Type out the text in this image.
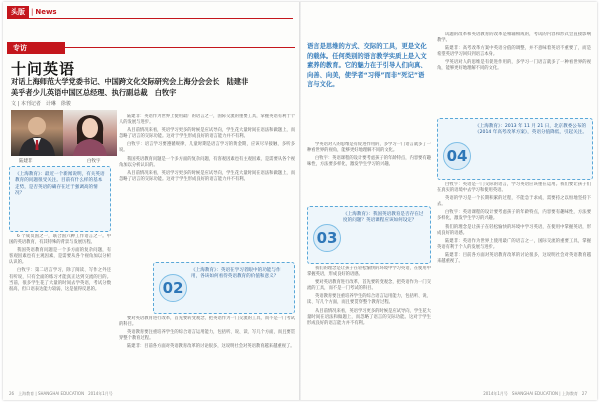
头版 | News
专访
十问英语
对话上海师范大学党委书记、中国跨文化交际研究会上海分会会长　陆建非
美乎者少儿英语中国区总经理、执行副总裁　白牧宇
文 | 本刊记者　计琳　徐骏
陆建非	白牧宇
《上海教育》：最近一个新闻说明，有关英语教育的问题很受关注。目前有什么样的基本走势，是否英语的确存在过于强调高的情况？

6 个成员国之一，联合国六种工作语言之一。中国的英语教育，有其特殊的背景与发展历程。

我国英语教育问题是一个多方面的复杂问题，有客观因素也有主观因素，是需要从各个视角加以分析认识的。

白牧宇：第二语言学习，除了阅读、写作之外还有听说，只有全面的练习才能真正达到交流的目的。当前，很多学生花了大量的时间去学英语，考试分数很高，但口语表达能力较弱，这是值得反思的。

陆建非：英语作为世界上使用最广的语言之一，国际交流的重要工具，掌握英语有利于个人的发展与进步。

从目前情况来看，英语学习更多的时候是应试导向，学生花大量时间在语法和做题上，而忽略了语言的交际功能。这对于学生形成良好的语言能力并不有利。

白牧宇：语言学习要遵循规律，儿童时期是语言学习的黄金期，应该尽早接触、多听多说。

我国英语教育问题是一个多方面的复杂问题，有客观因素也有主观因素，是需要从各个视角加以分析认识的。

从目前情况来看，英语学习更多的时候是应试导向，学生花大量时间在语法和做题上，而忽略了语言的交际功能。这对于学生形成良好的语言能力并不有利。

02
《上海教育》：英语在学习者眼中的功能与作用，各该如何看待英语教育的价值和意义？

要对英语教育进行改革，首先要转变观念，把英语作为一门交流的工具，而不是一门考试的科目。

英语教育要注重培养学生的综合语言运用能力，包括听、说、读、写几个方面，而且要贯穿整个教育过程。

陆建非：目前各方面对英语教育改革的讨论很多，这说明社会对英语教育越来越重视了。

语言是思维的方式、交际的工具，更是文化的载体。任何类别的语言教学实质上是入文素养的教育。它的魅力在于引导人们向真、向善、向美，使学者“习得”而非“死记”语言与文化。

学英语对人的思维是有促进作用的，多学习一门语言就多了一种看世界的视角，能够更好地理解不同的文化。

白牧宇：英语课程的设计要考虑孩子的年龄特点，内容要有趣味性，方法要多样化，激发学生学习的兴趣。

03
《上海教育》：我国英语教育是否存在过度的问题？英语课程应该如何设定？

我们的理念是让孩子在轻松愉快的环境中学习英语，在使用中掌握英语，形成良好的语感。

要对英语教育进行改革，首先要转变观念，把英语作为一门交流的工具，而不是一门考试的科目。

英语教育要注重培养学生的综合语言运用能力，包括听、说、读、写几个方面，而且要贯穿整个教育过程。

从目前情况来看，英语学习更多的时候是应试导向，学生花大量时间在语法和做题上，而忽略了语言的交际功能。这对于学生形成良好的语言能力并不有利。

试题的改革和英语教育的改革是相辅相成的，考试的内容和形式会直接影响教学。

陆建非：高考改革方案中英语分值的调整，并不意味着英语不重要了，而是希望英语学习回归到语言本身。

学英语对人的思维是有促进作用的，多学习一门语言就多了一种看世界的视角，能够更好地理解不同的文化。

04
《上海教育》：2013 年 11 月 21 日，北京教委公布的《2014 年高考改革方案》，英语分值降低，引起关注。

白牧宇：英语是一门交际的语言，学习英语应该重在运用。我们要让孩子们在真实的语境中去学习和使用英语。

英语的学习是一个长期积累的过程，不能急于求成，需要持之以恒地坚持下去。

白牧宇：英语课程的设计要考虑孩子的年龄特点，内容要有趣味性，方法要多样化，激发学生学习的兴趣。

我们的理念是让孩子在轻松愉快的环境中学习英语，在使用中掌握英语，形成良好的语感。

陆建非：英语作为世界上使用最广的语言之一，国际交流的重要工具，掌握英语有利于个人的发展与进步。

陆建非：目前各方面对英语教育改革的讨论很多，这说明社会对英语教育越来越重视了。

26 上海教育 | SHANGHAI EDUCATION 2014年1月号	2014年1月号 SHANGHAI EDUCATION | 上海教育 27
